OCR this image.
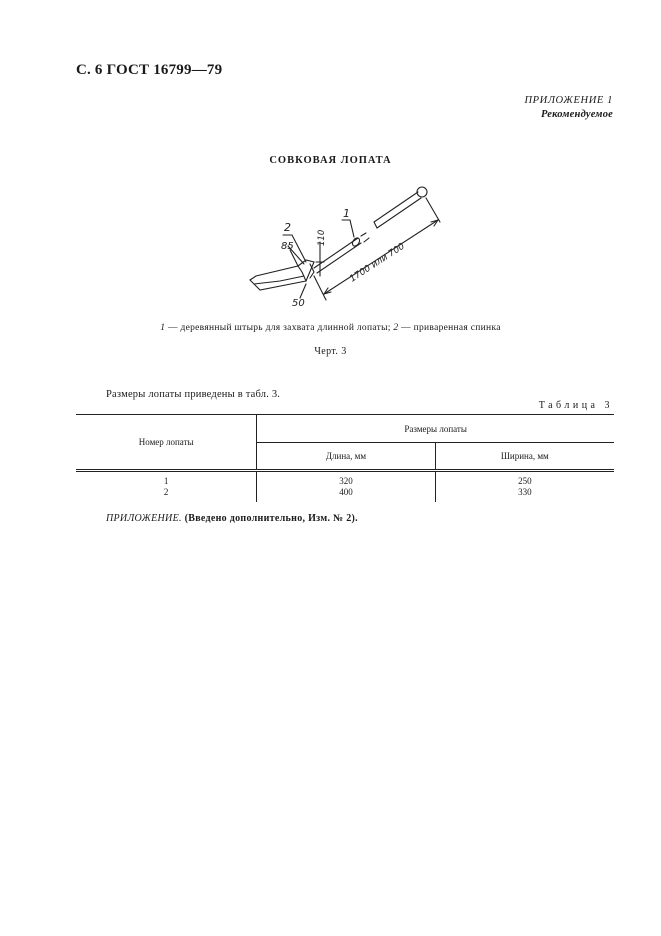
С. 6 ГОСТ 16799—79
ПРИЛОЖЕНИЕ 1
Рекомендуемое
СОВКОВАЯ ЛОПАТА
2
1
85
50
110
1700 или 700
1 — деревянный штырь для захвата длинной лопаты; 2 — приваренная спинка
Черт. 3
Размеры лопаты приведены в табл. 3.
Таблица 3
Номер лопаты	Размеры лопаты	
	Длина, мм	Ширина, мм
1	320	250
2	400	330
ПРИЛОЖЕНИЕ. (Введено дополнительно, Изм. № 2).
